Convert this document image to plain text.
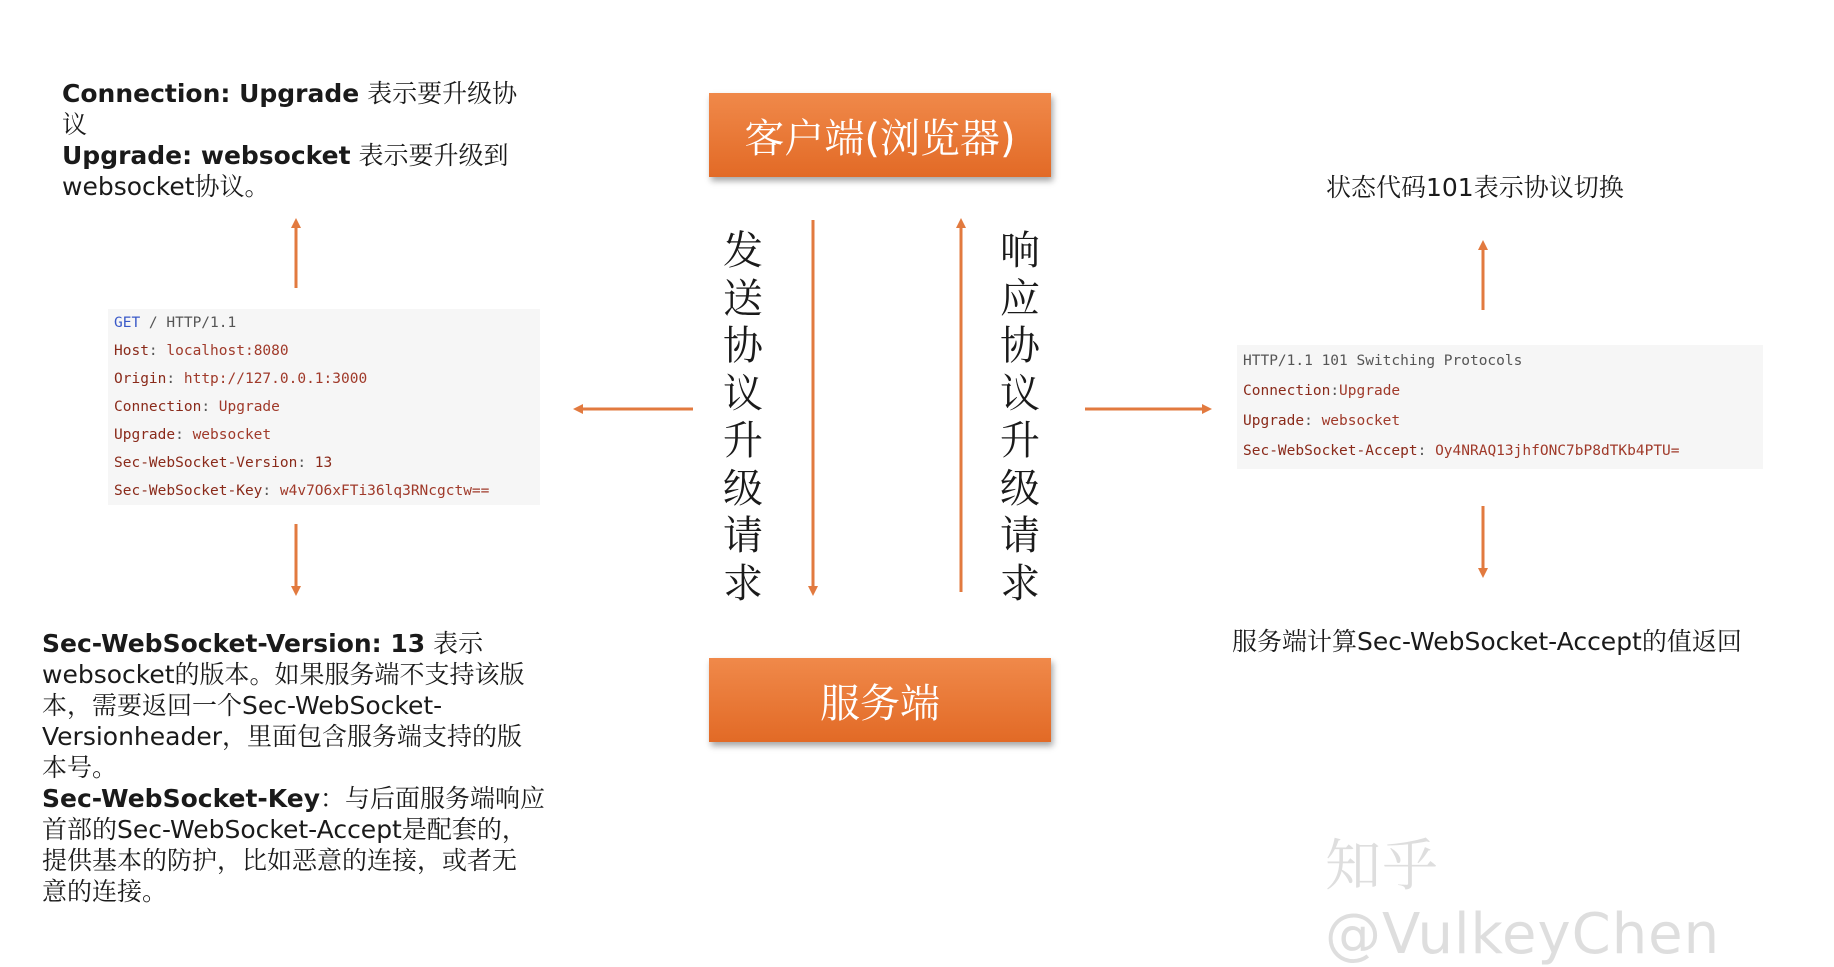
Connection: Upgrade 表示要升级协
议
Upgrade: websocket 表示要升级到
websocket协议。
GET / HTTP/1.1
Host: localhost:8080
Origin: http://127.0.0.1:3000
Connection: Upgrade
Upgrade: websocket
Sec-WebSocket-Version: 13
Sec-WebSocket-Key: w4v7O6xFTi36lq3RNcgctw==
Sec-WebSocket-Version: 13 表示
websocket的版本。如果服务端不支持该版
本，需要返回一个Sec-WebSocket-
Versionheader，里面包含服务端支持的版
本号。
Sec-WebSocket-Key：与后面服务端响应
首部的Sec-WebSocket-Accept是配套的，
提供基本的防护，比如恶意的连接，或者无
意的连接。
客户端(浏览器)
服务端
发
送
协
议
升
级
请
求
响
应
协
议
升
级
请
求
状态代码101表示协议切换
HTTP/1.1 101 Switching Protocols
Connection:Upgrade
Upgrade: websocket
Sec-WebSocket-Accept: Oy4NRAQ13jhfONC7bP8dTKb4PTU=
服务端计算Sec-WebSocket-Accept的值返回
知乎 @VulkeyChen
